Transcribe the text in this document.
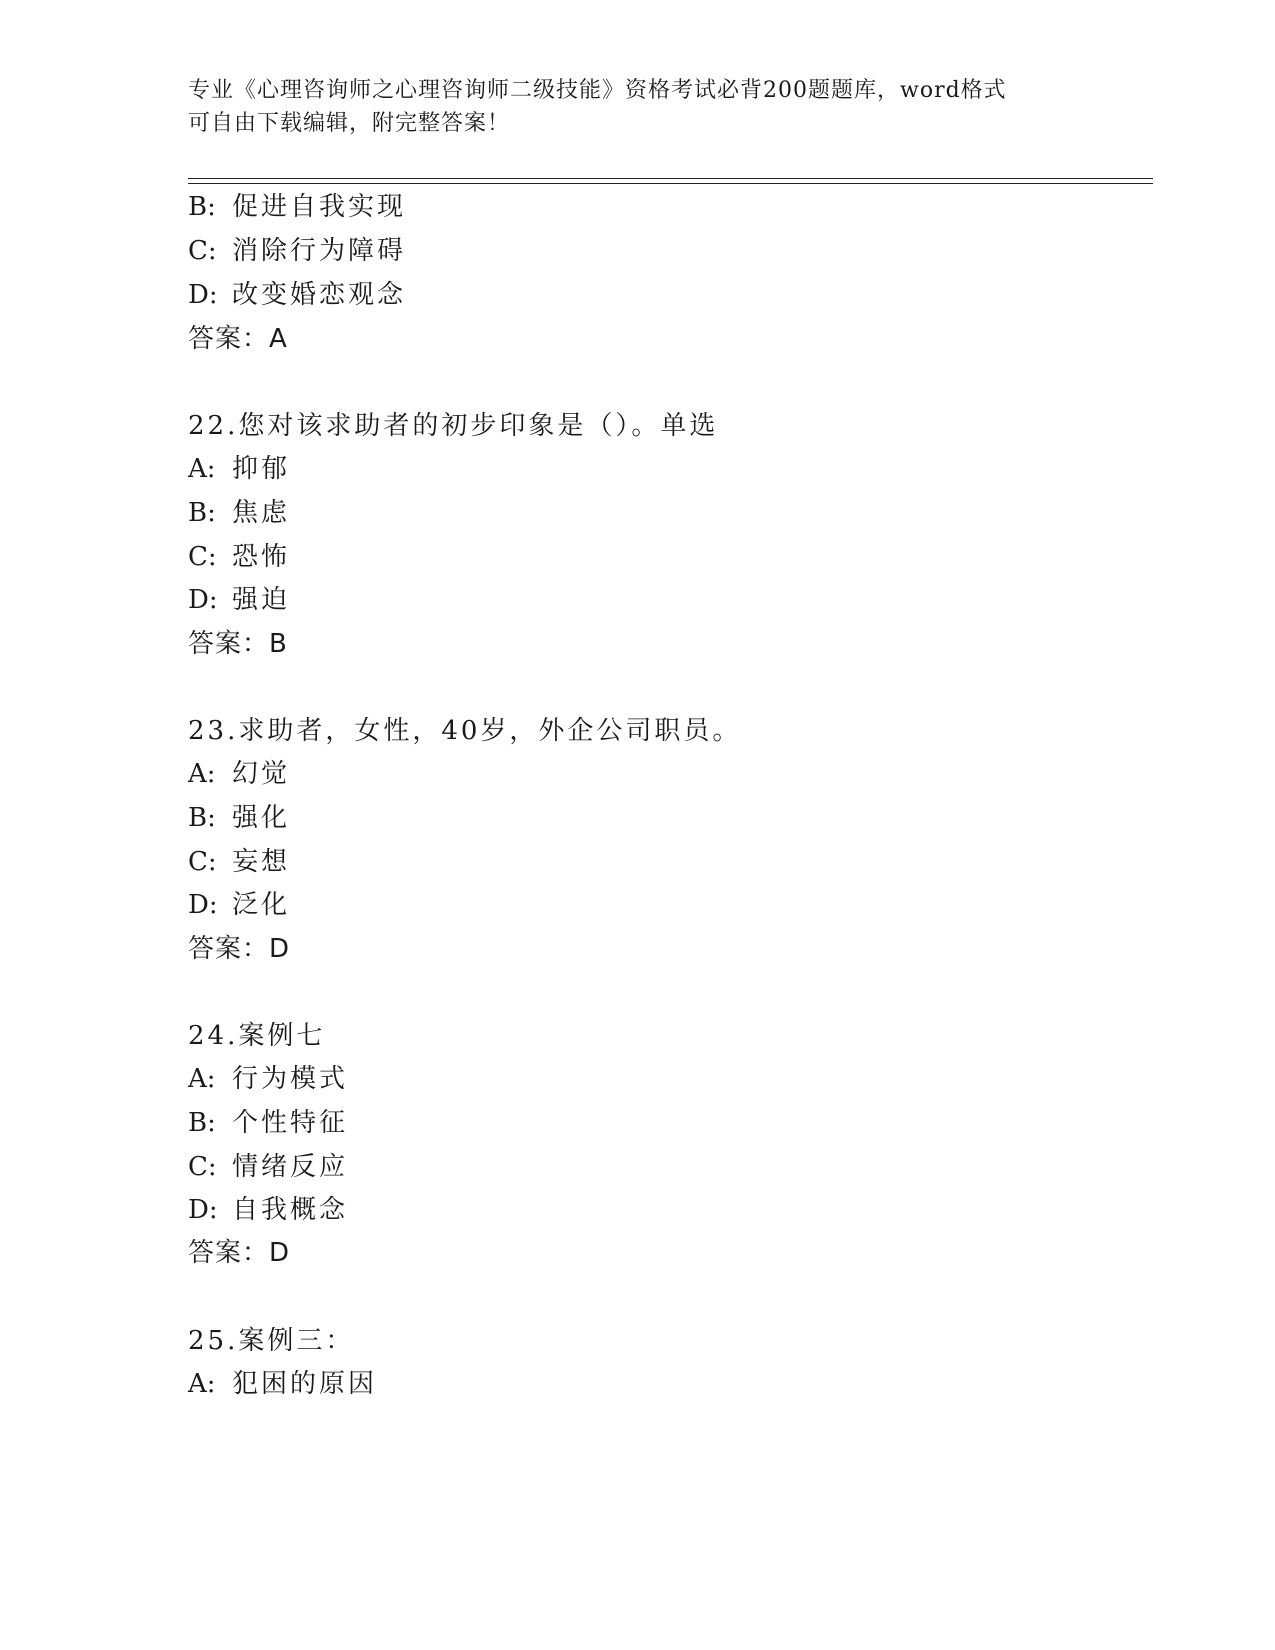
专业《心理咨询师之心理咨询师二级技能》资格考试必背200题题库，word格式
可自由下载编辑，附完整答案！
B: 促进自我实现
C: 消除行为障碍
D: 改变婚恋观念
答案：A
22.您对该求助者的初步印象是（）。单选
A: 抑郁
B: 焦虑
C: 恐怖
D: 强迫
答案：B
23.求助者，女性，40岁，外企公司职员。
A: 幻觉
B: 强化
C: 妄想
D: 泛化
答案：D
24.案例七
A: 行为模式
B: 个性特征
C: 情绪反应
D: 自我概念
答案：D
25.案例三：
A: 犯困的原因
